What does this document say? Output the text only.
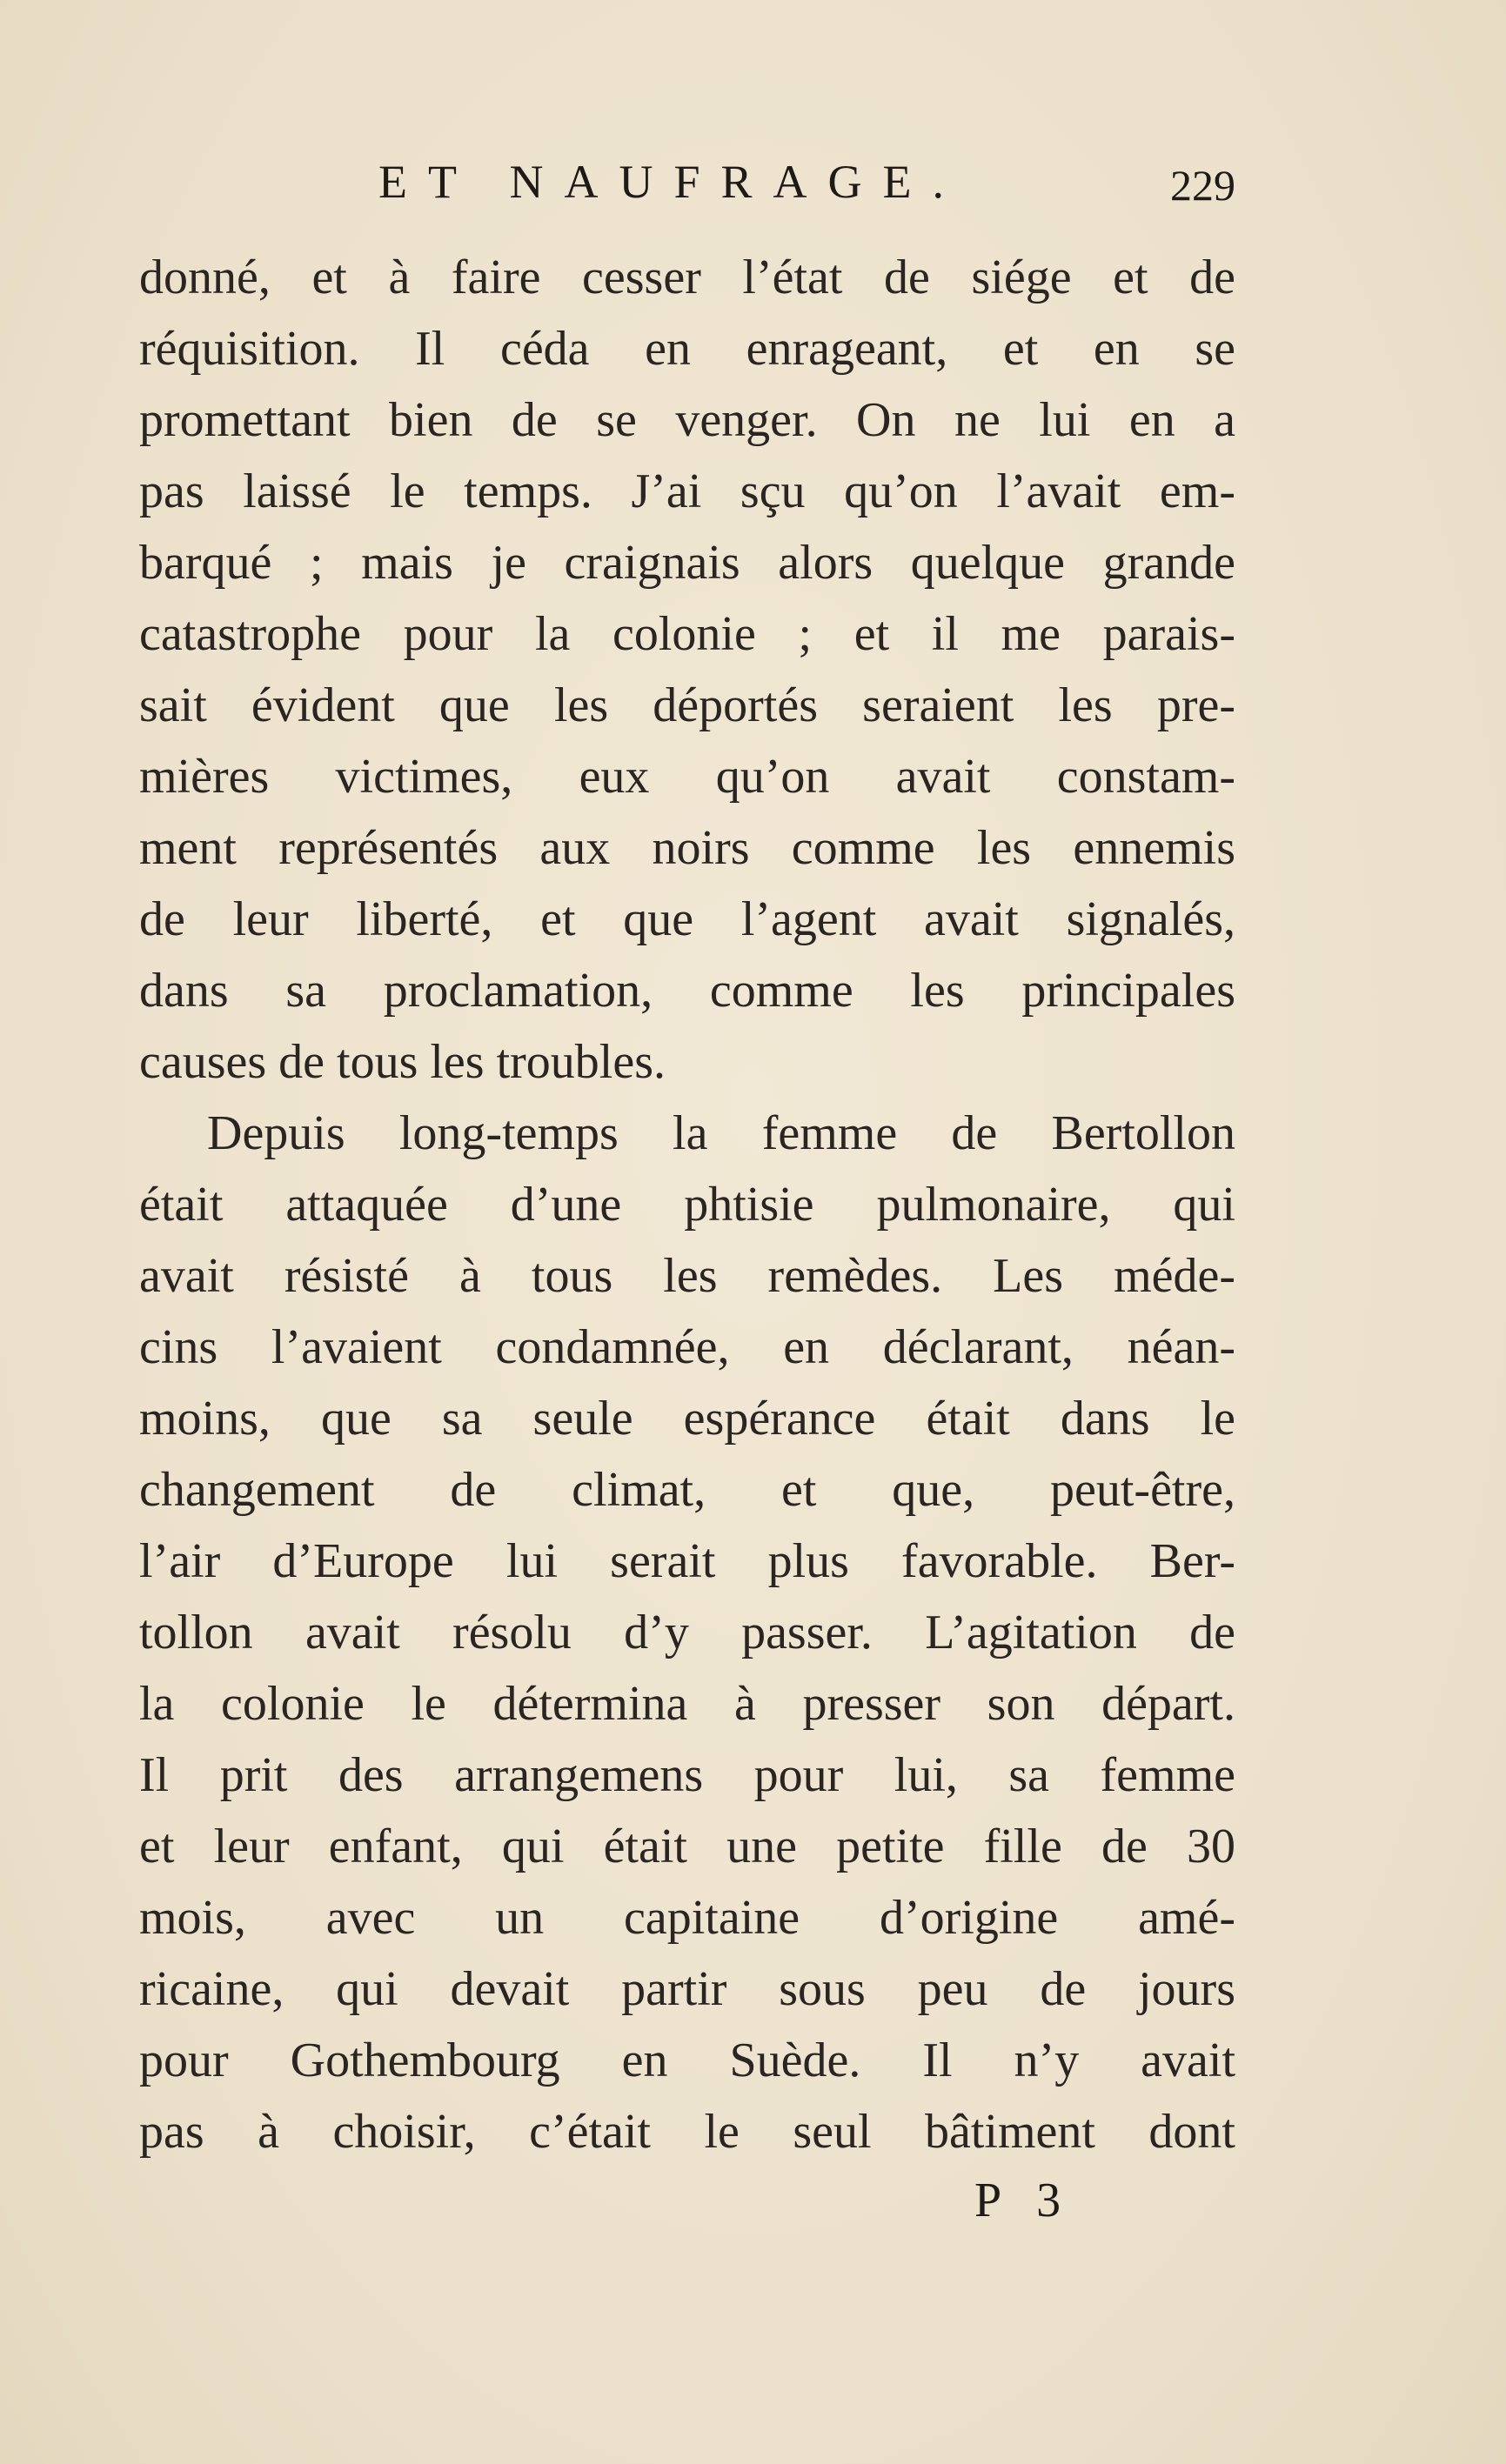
ET NAUFRAGE.	229
donné, et à faire cesser l’état de siége et de
réquisition. Il céda en enrageant, et en se
promettant bien de se venger. On ne lui en a
pas laissé le temps. J’ai sçu qu’on l’avait em-
barqué ; mais je craignais alors quelque grande
catastrophe pour la colonie ; et il me parais-
sait évident que les déportés seraient les pre-
mières victimes, eux qu’on avait constam-
ment représentés aux noirs comme les ennemis
de leur liberté, et que l’agent avait signalés,
dans sa proclamation, comme les principales
causes de tous les troubles.
Depuis long-temps la femme de Bertollon
était attaquée d’une phtisie pulmonaire, qui
avait résisté à tous les remèdes. Les méde-
cins l’avaient condamnée, en déclarant, néan-
moins, que sa seule espérance était dans le
changement de climat, et que, peut-être,
l’air d’Europe lui serait plus favorable. Ber-
tollon avait résolu d’y passer. L’agitation de
la colonie le détermina à presser son départ.
Il prit des arrangemens pour lui, sa femme
et leur enfant, qui était une petite fille de 30
mois, avec un capitaine d’origine amé-
ricaine, qui devait partir sous peu de jours
pour Gothembourg en Suède. Il n’y avait
pas à choisir, c’était le seul bâtiment dont
P 3
